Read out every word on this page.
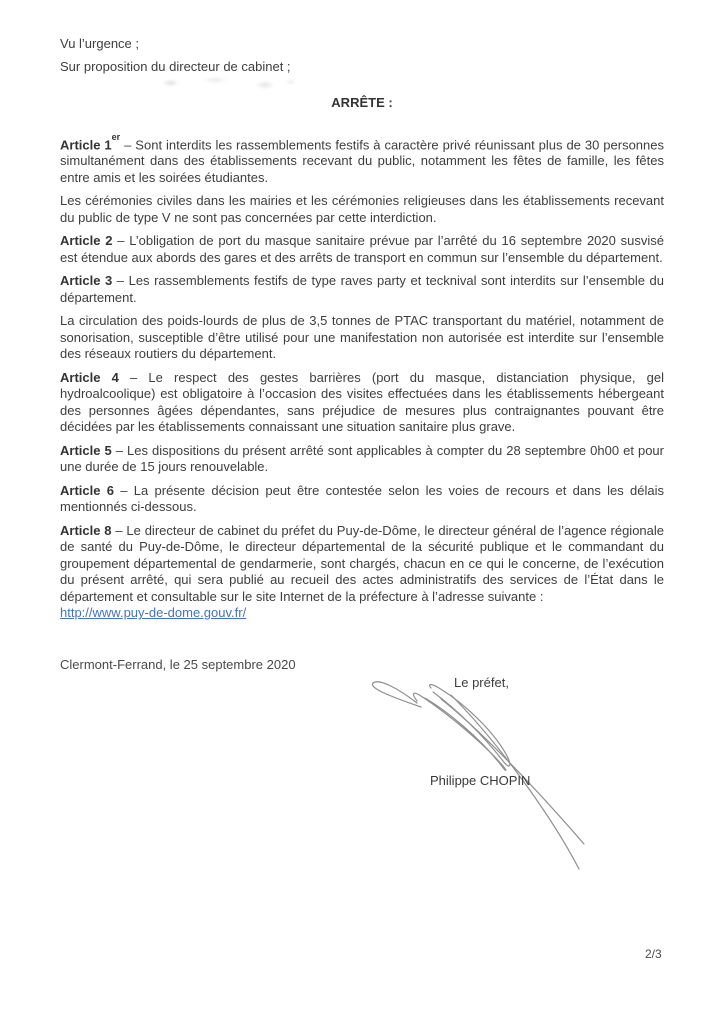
Vu l’urgence ;

Sur proposition du directeur de cabinet ;

ARRÊTE :

Article 1er – Sont interdits les rassemblements festifs à caractère privé réunissant plus de 30 personnes simultanément dans des établissements recevant du public, notamment les fêtes de famille, les fêtes entre amis et les soirées étudiantes.

Les cérémonies civiles dans les mairies et les cérémonies religieuses dans les établissements recevant du public de type V ne sont pas concernées par cette interdiction.

Article 2 – L’obligation de port du masque sanitaire prévue par l’arrêté du 16 septembre 2020 susvisé est étendue aux abords des gares et des arrêts de transport en commun sur l’ensemble du département.

Article 3 – Les rassemblements festifs de type raves party et tecknival sont interdits sur l’ensemble du département.

La circulation des poids-lourds de plus de 3,5 tonnes de PTAC transportant du matériel, notamment de sonorisation, susceptible d’être utilisé pour une manifestation non autorisée est interdite sur l’ensemble des réseaux routiers du département.

Article 4 – Le respect des gestes barrières (port du masque, distanciation physique, gel hydroalcoolique) est obligatoire à l’occasion des visites effectuées dans les établissements hébergeant des personnes âgées dépendantes, sans préjudice de mesures plus contraignantes pouvant être décidées par les établissements connaissant une situation sanitaire plus grave.

Article 5 – Les dispositions du présent arrêté sont applicables à compter du 28 septembre 0h00 et pour une durée de 15 jours renouvelable.

Article 6 – La présente décision peut être contestée selon les voies de recours et dans les délais mentionnés ci-dessous.

Article 8 – Le directeur de cabinet du préfet du Puy-de-Dôme, le directeur général de l’agence régionale de santé du Puy-de-Dôme, le directeur départemental de la sécurité publique et le commandant du groupement départemental de gendarmerie, sont chargés, chacun en ce qui le concerne, de l’exécution du présent arrêté, qui sera publié au recueil des actes administratifs des services de l’État dans le département et consultable sur le site Internet de la préfecture à l’adresse suivante :
http://www.puy-de-dome.gouv.fr/

Clermont-Ferrand, le 25 septembre 2020
Le préfet,
Philippe CHOPIN
2/3
